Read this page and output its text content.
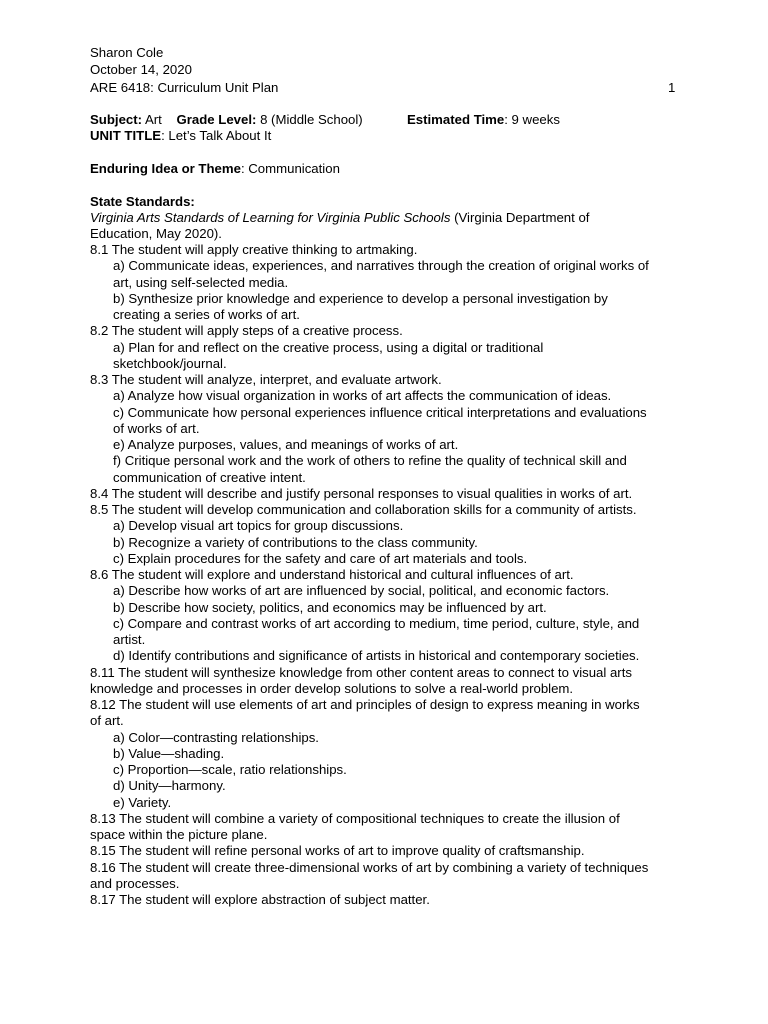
Sharon Cole
October 14, 2020
ARE 6418: Curriculum Unit Plan	1
Subject: Art Grade Level: 8 (Middle School)	Estimated Time: 9 weeks
UNIT TITLE: Let’s Talk About It
Enduring Idea or Theme: Communication
State Standards:
Virginia Arts Standards of Learning for Virginia Public Schools (Virginia Department of
Education, May 2020).
8.1 The student will apply creative thinking to artmaking.
a) Communicate ideas, experiences, and narratives through the creation of original works of
art, using self-selected media.
b) Synthesize prior knowledge and experience to develop a personal investigation by
creating a series of works of art.
8.2 The student will apply steps of a creative process.
a) Plan for and reflect on the creative process, using a digital or traditional
sketchbook/journal.
8.3 The student will analyze, interpret, and evaluate artwork.
a) Analyze how visual organization in works of art affects the communication of ideas.
c) Communicate how personal experiences influence critical interpretations and evaluations
of works of art.
e) Analyze purposes, values, and meanings of works of art.
f) Critique personal work and the work of others to refine the quality of technical skill and
communication of creative intent.
8.4 The student will describe and justify personal responses to visual qualities in works of art.
8.5 The student will develop communication and collaboration skills for a community of artists.
a) Develop visual art topics for group discussions.
b) Recognize a variety of contributions to the class community.
c) Explain procedures for the safety and care of art materials and tools.
8.6 The student will explore and understand historical and cultural influences of art.
a) Describe how works of art are influenced by social, political, and economic factors.
b) Describe how society, politics, and economics may be influenced by art.
c) Compare and contrast works of art according to medium, time period, culture, style, and
artist.
d) Identify contributions and significance of artists in historical and contemporary societies.
8.11 The student will synthesize knowledge from other content areas to connect to visual arts
knowledge and processes in order develop solutions to solve a real-world problem.
8.12 The student will use elements of art and principles of design to express meaning in works
of art.
a) Color—contrasting relationships.
b) Value—shading.
c) Proportion—scale, ratio relationships.
d) Unity—harmony.
e) Variety.
8.13 The student will combine a variety of compositional techniques to create the illusion of
space within the picture plane.
8.15 The student will refine personal works of art to improve quality of craftsmanship.
8.16 The student will create three-dimensional works of art by combining a variety of techniques
and processes.
8.17 The student will explore abstraction of subject matter.
